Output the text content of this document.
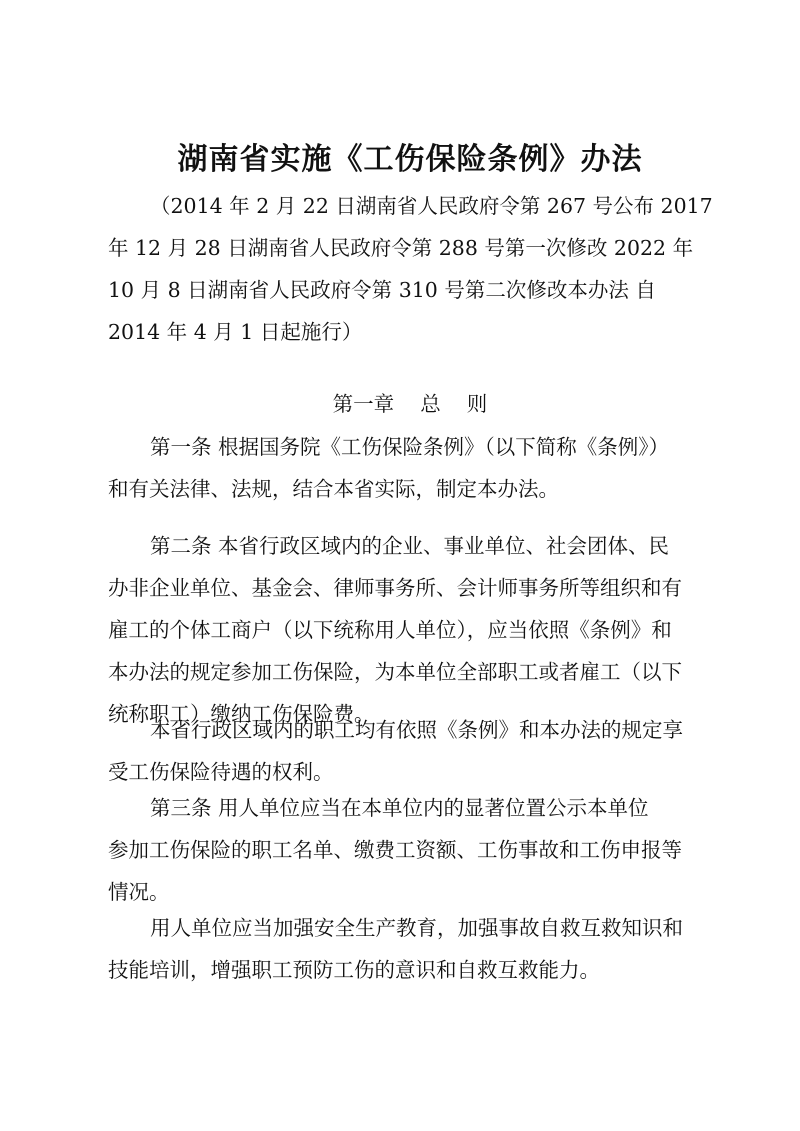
湖南省实施《工伤保险条例》办法
（2014 年 2 月 22 日湖南省人民政府令第 267 号公布 2017
年 12 月 28 日湖南省人民政府令第 288 号第一次修改 2022 年
10 月 8 日湖南省人民政府令第 310 号第二次修改本办法 自
2014 年 4 月 1 日起施行）
第一章    总    则
第一条 根据国务院《工伤保险条例》（以下简称《条例》）
和有关法律、法规，结合本省实际，制定本办法。
第二条 本省行政区域内的企业、事业单位、社会团体、民
办非企业单位、基金会、律师事务所、会计师事务所等组织和有
雇工的个体工商户（以下统称用人单位），应当依照《条例》和
本办法的规定参加工伤保险，为本单位全部职工或者雇工（以下
统称职工）缴纳工伤保险费。
本省行政区域内的职工均有依照《条例》和本办法的规定享
受工伤保险待遇的权利。
第三条 用人单位应当在本单位内的显著位置公示本单位
参加工伤保险的职工名单、缴费工资额、工伤事故和工伤申报等
情况。
用人单位应当加强安全生产教育，加强事故自救互救知识和
技能培训，增强职工预防工伤的意识和自救互救能力。
